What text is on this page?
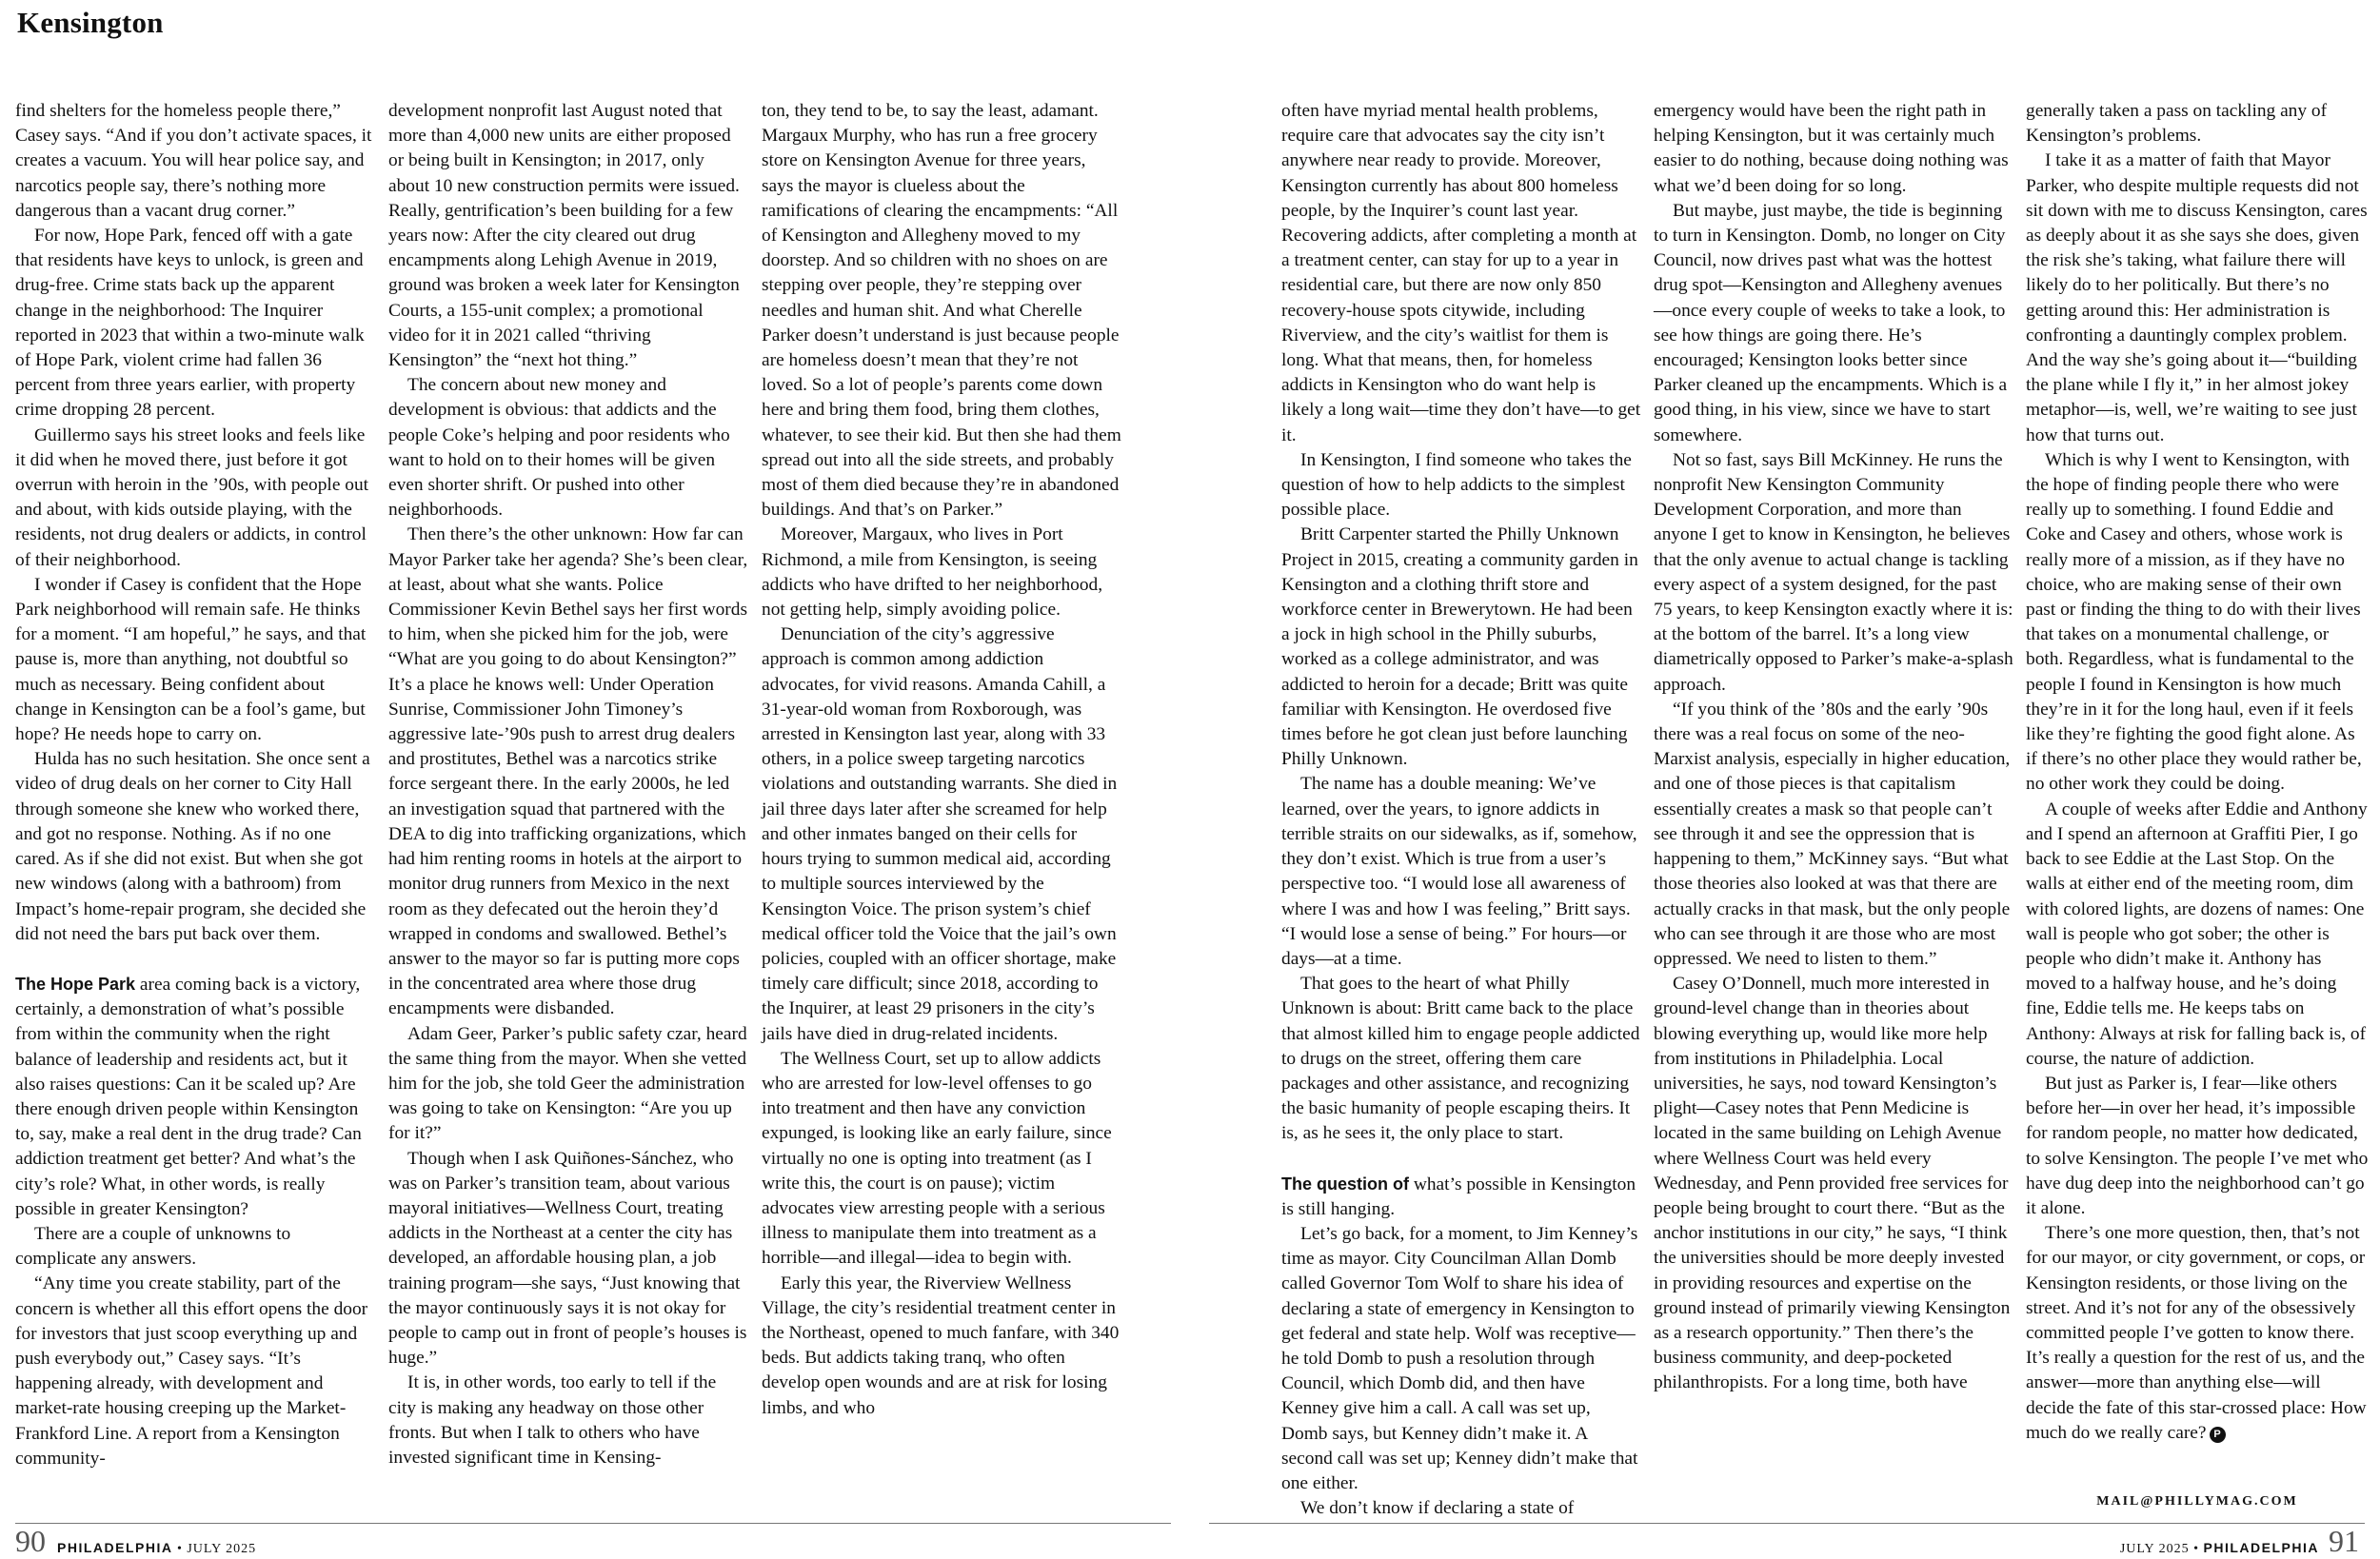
Kensington

find shelters for the homeless people there,” Casey says. “And if you don’t activate spaces, it creates a vacuum. You will hear police say, and narcotics people say, there’s nothing more dangerous than a vacant drug corner.”

For now, Hope Park, fenced off with a gate that residents have keys to unlock, is green and drug-free. Crime stats back up the apparent change in the neighborhood: The Inquirer reported in 2023 that within a two-minute walk of Hope Park, violent crime had fallen 36 percent from three years earlier, with property crime dropping 28 percent.

Guillermo says his street looks and feels like it did when he moved there, just before it got overrun with heroin in the ’90s, with people out and about, with kids outside playing, with the residents, not drug dealers or addicts, in control of their neighborhood.

I wonder if Casey is confident that the Hope Park neighborhood will remain safe. He thinks for a moment. “I am hopeful,” he says, and that pause is, more than anything, not doubtful so much as necessary. Being confident about change in Kensington can be a fool’s game, but hope? He needs hope to carry on.

Hulda has no such hesitation. She once sent a video of drug deals on her corner to City Hall through someone she knew who worked there, and got no response. Nothing. As if no one cared. As if she did not exist. But when she got new windows (along with a bathroom) from Impact’s home-repair program, she decided she did not need the bars put back over them.

The Hope Park area coming back is a victory, certainly, a demonstration of what’s possible from within the community when the right balance of leadership and residents act, but it also raises questions: Can it be scaled up? Are there enough driven people within Kensington to, say, make a real dent in the drug trade? Can addiction treatment get better? And what’s the city’s role? What, in other words, is really possible in greater Kensington?

There are a couple of unknowns to complicate any answers.

“Any time you create stability, part of the concern is whether all this effort opens the door for investors that just scoop everything up and push everybody out,” Casey says. “It’s happening already, with development and market-rate housing creeping up the Market-Frankford Line. A report from a Kensington community-

development nonprofit last August noted that more than 4,000 new units are either proposed or being built in Kensington; in 2017, only about 10 new construction permits were issued. Really, gentrification’s been building for a few years now: After the city cleared out drug encampments along Lehigh Avenue in 2019, ground was broken a week later for Kensington Courts, a 155-unit complex; a promotional video for it in 2021 called “thriving Kensington” the “next hot thing.”

The concern about new money and development is obvious: that addicts and the people Coke’s helping and poor residents who want to hold on to their homes will be given even shorter shrift. Or pushed into other neighborhoods.

Then there’s the other unknown: How far can Mayor Parker take her agenda? She’s been clear, at least, about what she wants. Police Commissioner Kevin Bethel says her first words to him, when she picked him for the job, were “What are you going to do about Kensington?” It’s a place he knows well: Under Operation Sunrise, Commissioner John Timoney’s aggressive late-’90s push to arrest drug dealers and prostitutes, Bethel was a narcotics strike force sergeant there. In the early 2000s, he led an investigation squad that partnered with the DEA to dig into trafficking organizations, which had him renting rooms in hotels at the airport to monitor drug runners from Mexico in the next room as they defecated out the heroin they’d wrapped in condoms and swallowed. Bethel’s answer to the mayor so far is putting more cops in the concentrated area where those drug encampments were disbanded.

Adam Geer, Parker’s public safety czar, heard the same thing from the mayor. When she vetted him for the job, she told Geer the administration was going to take on Kensington: “Are you up for it?”

Though when I ask Quiñones-Sánchez, who was on Parker’s transition team, about various mayoral initiatives—Wellness Court, treating addicts in the Northeast at a center the city has developed, an affordable housing plan, a job training program—she says, “Just knowing that the mayor continuously says it is not okay for people to camp out in front of people’s houses is huge.”

It is, in other words, too early to tell if the city is making any headway on those other fronts. But when I talk to others who have invested significant time in Kensing-

ton, they tend to be, to say the least, adamant. Margaux Murphy, who has run a free grocery store on Kensington Avenue for three years, says the mayor is clueless about the ramifications of clearing the encampments: “All of Kensington and Allegheny moved to my doorstep. And so children with no shoes on are stepping over people, they’re stepping over needles and human shit. And what Cherelle Parker doesn’t understand is just because people are homeless doesn’t mean that they’re not loved. So a lot of people’s parents come down here and bring them food, bring them clothes, whatever, to see their kid. But then she had them spread out into all the side streets, and probably most of them died because they’re in abandoned buildings. And that’s on Parker.”

Moreover, Margaux, who lives in Port Richmond, a mile from Kensington, is seeing addicts who have drifted to her neighborhood, not getting help, simply avoiding police.

Denunciation of the city’s aggressive approach is common among addiction advocates, for vivid reasons. Amanda Cahill, a 31-year-old woman from Roxborough, was arrested in Kensington last year, along with 33 others, in a police sweep targeting narcotics violations and outstanding warrants. She died in jail three days later after she screamed for help and other inmates banged on their cells for hours trying to summon medical aid, according to multiple sources interviewed by the Kensington Voice. The prison system’s chief medical officer told the Voice that the jail’s own policies, coupled with an officer shortage, make timely care difficult; since 2018, according to the Inquirer, at least 29 prisoners in the city’s jails have died in drug-related incidents.

The Wellness Court, set up to allow addicts who are arrested for low-level offenses to go into treatment and then have any conviction expunged, is looking like an early failure, since virtually no one is opting into treatment (as I write this, the court is on pause); victim advocates view arresting people with a serious illness to manipulate them into treatment as a horrible—and illegal—idea to begin with.

Early this year, the Riverview Wellness Village, the city’s residential treatment center in the Northeast, opened to much fanfare, with 340 beds. But addicts taking tranq, who often develop open wounds and are at risk for losing limbs, and who

often have myriad mental health problems, require care that advocates say the city isn’t anywhere near ready to provide. Moreover, Kensington currently has about 800 homeless people, by the Inquirer’s count last year. Recovering addicts, after completing a month at a treatment center, can stay for up to a year in residential care, but there are now only 850 recovery-house spots citywide, including Riverview, and the city’s waitlist for them is long. What that means, then, for homeless addicts in Kensington who do want help is likely a long wait—time they don’t have—to get it.

In Kensington, I find someone who takes the question of how to help addicts to the simplest possible place.

Britt Carpenter started the Philly Unknown Project in 2015, creating a community garden in Kensington and a clothing thrift store and workforce center in Brewerytown. He had been a jock in high school in the Philly suburbs, worked as a college administrator, and was addicted to heroin for a decade; Britt was quite familiar with Kensington. He overdosed five times before he got clean just before launching Philly Unknown.

The name has a double meaning: We’ve learned, over the years, to ignore addicts in terrible straits on our sidewalks, as if, somehow, they don’t exist. Which is true from a user’s perspective too. “I would lose all awareness of where I was and how I was feeling,” Britt says. “I would lose a sense of being.” For hours—or days—at a time.

That goes to the heart of what Philly Unknown is about: Britt came back to the place that almost killed him to engage people addicted to drugs on the street, offering them care packages and other assistance, and recognizing the basic humanity of people escaping theirs. It is, as he sees it, the only place to start.

The question of what’s possible in Kensington is still hanging.

Let’s go back, for a moment, to Jim Kenney’s time as mayor. City Councilman Allan Domb called Governor Tom Wolf to share his idea of declaring a state of emergency in Kensington to get federal and state help. Wolf was receptive—he told Domb to push a resolution through Council, which Domb did, and then have Kenney give him a call. A call was set up, Domb says, but Kenney didn’t make it. A second call was set up; Kenney didn’t make that one either.

We don’t know if declaring a state of

emergency would have been the right path in helping Kensington, but it was certainly much easier to do nothing, because doing nothing was what we’d been doing for so long.

But maybe, just maybe, the tide is beginning to turn in Kensington. Domb, no longer on City Council, now drives past what was the hottest drug spot—Kensington and Allegheny avenues—once every couple of weeks to take a look, to see how things are going there. He’s encouraged; Kensington looks better since Parker cleaned up the encampments. Which is a good thing, in his view, since we have to start somewhere.

Not so fast, says Bill McKinney. He runs the nonprofit New Kensington Community Development Corporation, and more than anyone I get to know in Kensington, he believes that the only avenue to actual change is tackling every aspect of a system designed, for the past 75 years, to keep Kensington exactly where it is: at the bottom of the barrel. It’s a long view diametrically opposed to Parker’s make-a-splash approach.

“If you think of the ’80s and the early ’90s there was a real focus on some of the neo-Marxist analysis, especially in higher education, and one of those pieces is that capitalism essentially creates a mask so that people can’t see through it and see the oppression that is happening to them,” McKinney says. “But what those theories also looked at was that there are actually cracks in that mask, but the only people who can see through it are those who are most oppressed. We need to listen to them.”

Casey O’Donnell, much more interested in ground-level change than in theories about blowing everything up, would like more help from institutions in Philadelphia. Local universities, he says, nod toward Kensington’s plight—Casey notes that Penn Medicine is located in the same building on Lehigh Avenue where Wellness Court was held every Wednesday, and Penn provided free services for people being brought to court there. “But as the anchor institutions in our city,” he says, “I think the universities should be more deeply invested in providing resources and expertise on the ground instead of primarily viewing Kensington as a research opportunity.” Then there’s the business community, and deep-pocketed philanthropists. For a long time, both have

generally taken a pass on tackling any of Kensington’s problems.

I take it as a matter of faith that Mayor Parker, who despite multiple requests did not sit down with me to discuss Kensington, cares as deeply about it as she says she does, given the risk she’s taking, what failure there will likely do to her politically. But there’s no getting around this: Her administration is confronting a dauntingly complex problem. And the way she’s going about it—“building the plane while I fly it,” in her almost jokey metaphor—is, well, we’re waiting to see just how that turns out.

Which is why I went to Kensington, with the hope of finding people there who were really up to something. I found Eddie and Coke and Casey and others, whose work is really more of a mission, as if they have no choice, who are making sense of their own past or finding the thing to do with their lives that takes on a monumental challenge, or both. Regardless, what is fundamental to the people I found in Kensington is how much they’re in it for the long haul, even if it feels like they’re fighting the good fight alone. As if there’s no other place they would rather be, no other work they could be doing.

A couple of weeks after Eddie and Anthony and I spend an afternoon at Graffiti Pier, I go back to see Eddie at the Last Stop. On the walls at either end of the meeting room, dim with colored lights, are dozens of names: One wall is people who got sober; the other is people who didn’t make it. Anthony has moved to a halfway house, and he’s doing fine, Eddie tells me. He keeps tabs on Anthony: Always at risk for falling back is, of course, the nature of addiction.

But just as Parker is, I fear—like others before her—in over her head, it’s impossible for random people, no matter how dedicated, to solve Kensington. The people I’ve met who have dug deep into the neighborhood can’t go it alone.

There’s one more question, then, that’s not for our mayor, or city government, or cops, or Kensington residents, or those living on the street. And it’s not for any of the obsessively committed people I’ve gotten to know there. It’s really a question for the rest of us, and the answer—more than anything else—will decide the fate of this star-crossed place: How much do we really care? P

MAIL@PHILLYMAG.COM
90 PHILADELPHIA • JULY 2025	JULY 2025 • PHILADELPHIA 91
